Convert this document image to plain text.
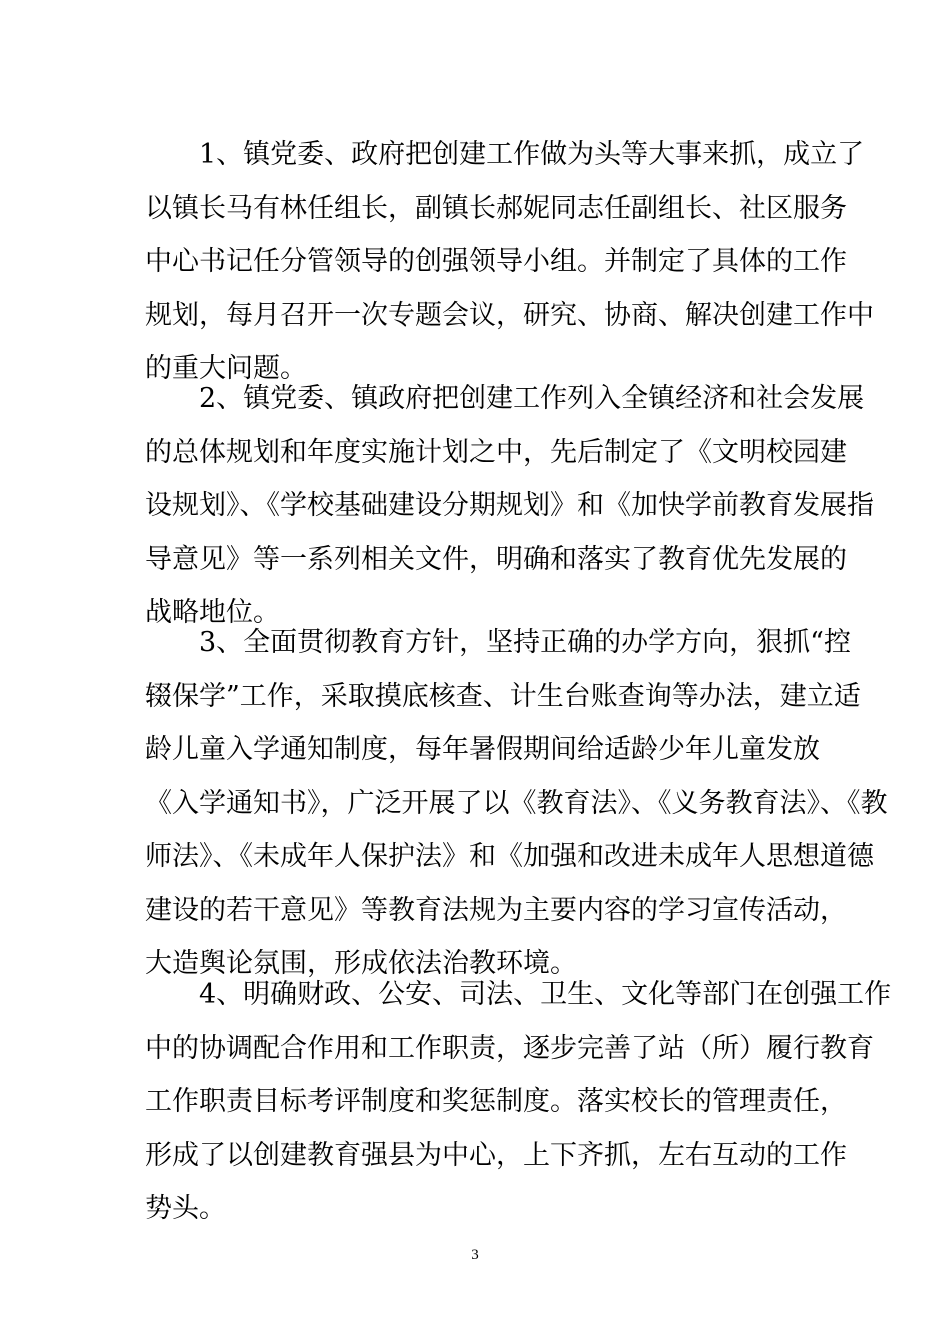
1、镇党委、政府把创建工作做为头等大事来抓，成立了
以镇长马有林任组长，副镇长郝妮同志任副组长、社区服务
中心书记任分管领导的创强领导小组。并制定了具体的工作
规划，每月召开一次专题会议，研究、协商、解决创建工作中
的重大问题。
2、镇党委、镇政府把创建工作列入全镇经济和社会发展
的总体规划和年度实施计划之中，先后制定了《文明校园建
设规划》、《学校基础建设分期规划》和《加快学前教育发展指
导意见》等一系列相关文件，明确和落实了教育优先发展的
战略地位。
3、全面贯彻教育方针，坚持正确的办学方向，狠抓“控
辍保学”工作，采取摸底核查、计生台账查询等办法，建立适
龄儿童入学通知制度，每年暑假期间给适龄少年儿童发放
《入学通知书》，广泛开展了以《教育法》、《义务教育法》、《教
师法》、《未成年人保护法》和《加强和改进未成年人思想道德
建设的若干意见》等教育法规为主要内容的学习宣传活动，
大造舆论氛围，形成依法治教环境。
4、明确财政、公安、司法、卫生、文化等部门在创强工作
中的协调配合作用和工作职责，逐步完善了站（所）履行教育
工作职责目标考评制度和奖惩制度。落实校长的管理责任，
形成了以创建教育强县为中心，上下齐抓，左右互动的工作
势头。
3
